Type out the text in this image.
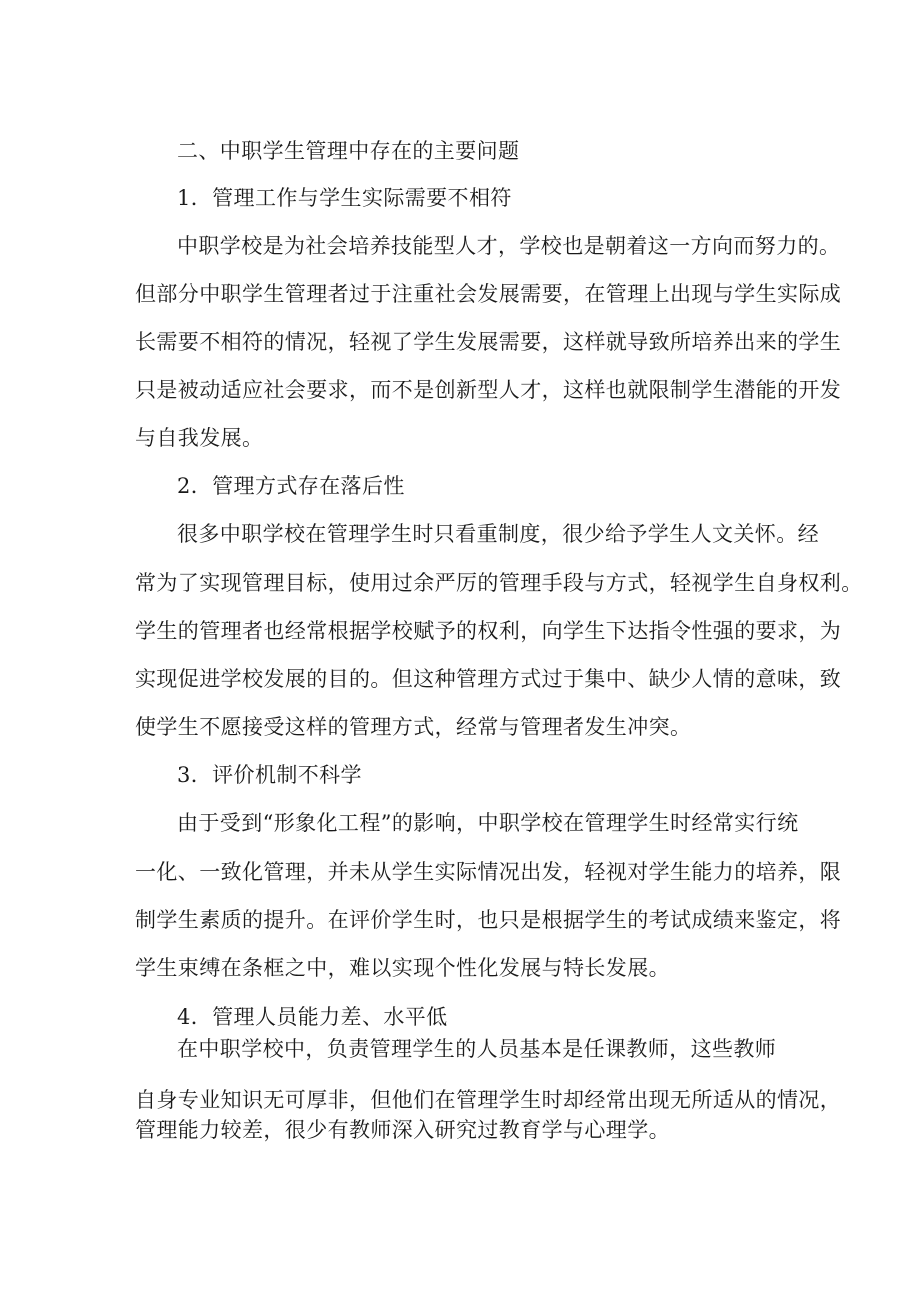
二、中职学生管理中存在的主要问题

1．管理工作与学生实际需要不相符

中职学校是为社会培养技能型人才，学校也是朝着这一方向而努力的。

但部分中职学生管理者过于注重社会发展需要，在管理上出现与学生实际成

长需要不相符的情况，轻视了学生发展需要，这样就导致所培养出来的学生

只是被动适应社会要求，而不是创新型人才，这样也就限制学生潜能的开发

与自我发展。

2．管理方式存在落后性

很多中职学校在管理学生时只看重制度，很少给予学生人文关怀。经

常为了实现管理目标，使用过余严厉的管理手段与方式，轻视学生自身权利。

学生的管理者也经常根据学校赋予的权利，向学生下达指令性强的要求，为

实现促进学校发展的目的。但这种管理方式过于集中、缺少人情的意味，致

使学生不愿接受这样的管理方式，经常与管理者发生冲突。

3．评价机制不科学

由于受到“形象化工程”的影响，中职学校在管理学生时经常实行统

一化、一致化管理，并未从学生实际情况出发，轻视对学生能力的培养，限

制学生素质的提升。在评价学生时，也只是根据学生的考试成绩来鉴定，将

学生束缚在条框之中，难以实现个性化发展与特长发展。

4．管理人员能力差、水平低

在中职学校中，负责管理学生的人员基本是任课教师，这些教师

自身专业知识无可厚非，但他们在管理学生时却经常出现无所适从的情况，

管理能力较差，很少有教师深入研究过教育学与心理学。
